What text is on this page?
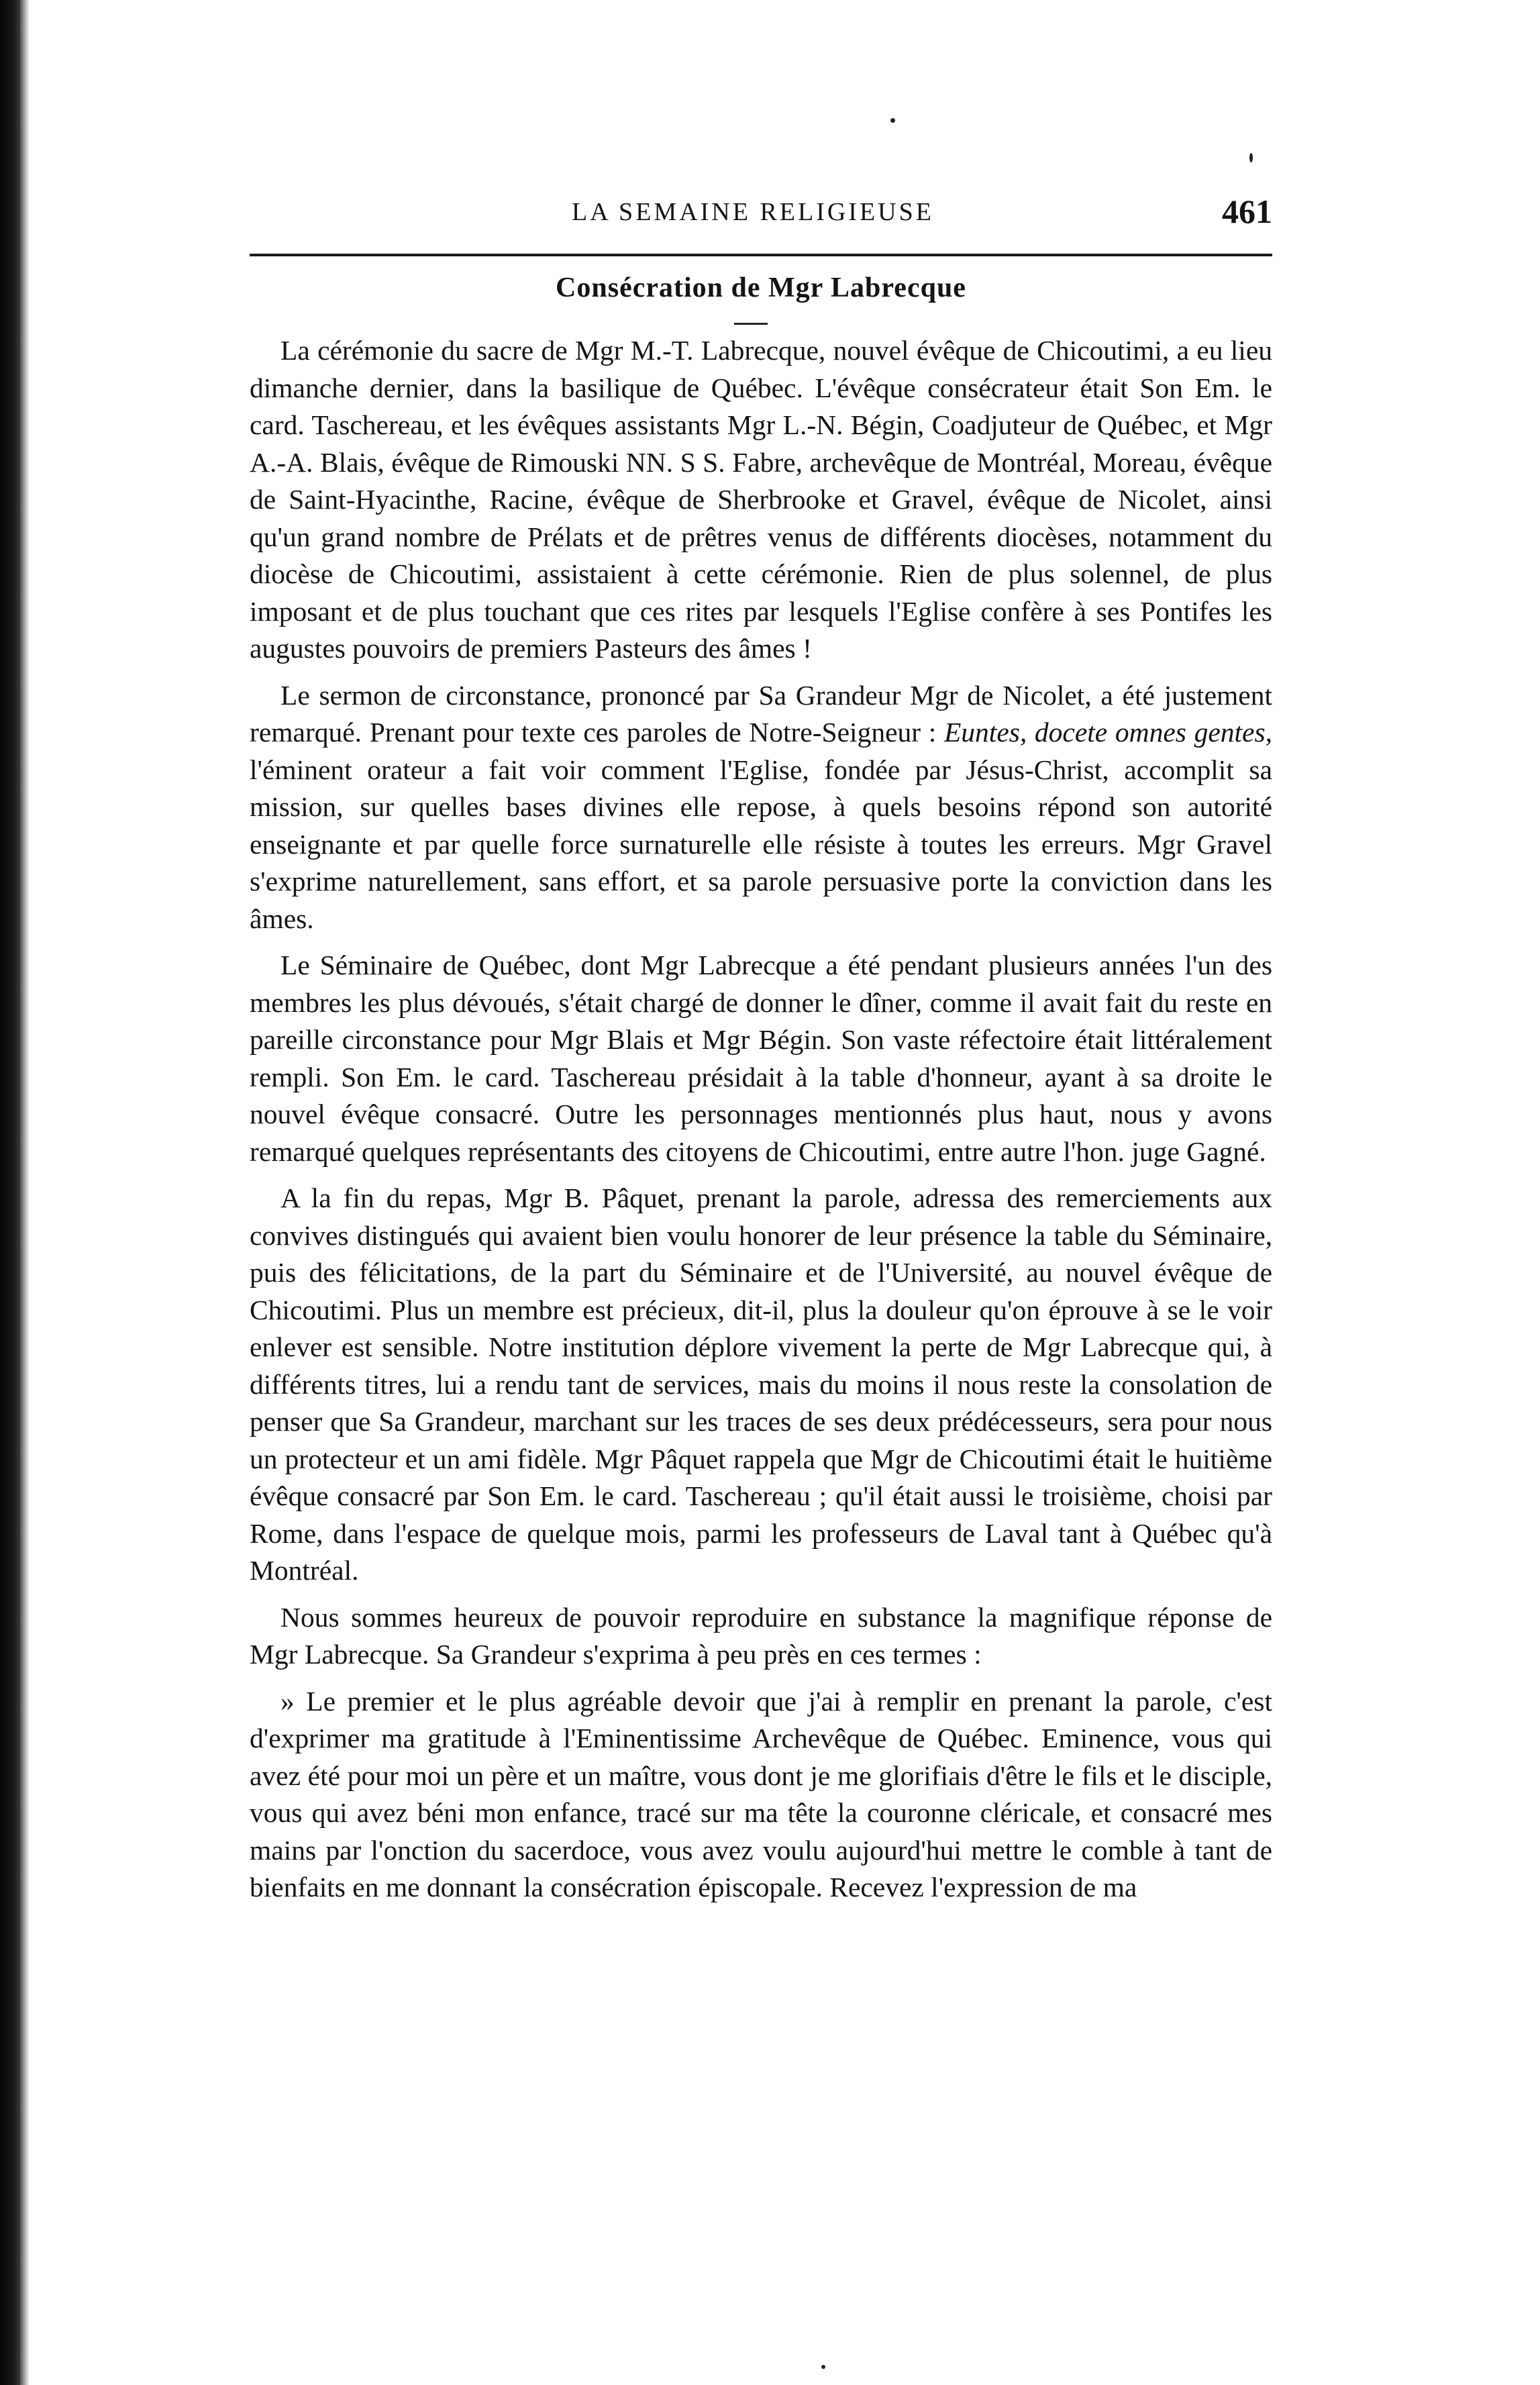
LA SEMAINE RELIGIEUSE	461
Consécration de Mgr Labrecque

La cérémonie du sacre de Mgr M.-T. Labrecque, nouvel évêque de Chicoutimi, a eu lieu dimanche dernier, dans la basilique de Québec. L'évêque consécrateur était Son Em. le card. Taschereau, et les évêques assistants Mgr L.-N. Bégin, Coadjuteur de Québec, et Mgr A.-A. Blais, évêque de Rimouski NN. S S. Fabre, archevêque de Montréal, Moreau, évêque de Saint-Hyacinthe, Racine, évêque de Sherbrooke et Gravel, évêque de Nicolet, ainsi qu'un grand nombre de Prélats et de prêtres venus de différents diocèses, notamment du diocèse de Chicoutimi, assistaient à cette cérémonie. Rien de plus solennel, de plus imposant et de plus touchant que ces rites par lesquels l'Eglise confère à ses Pontifes les augustes pouvoirs de premiers Pasteurs des âmes !

Le sermon de circonstance, prononcé par Sa Grandeur Mgr de Nicolet, a été justement remarqué. Prenant pour texte ces paroles de Notre-Seigneur : Euntes, docete omnes gentes, l'éminent orateur a fait voir comment l'Eglise, fondée par Jésus-Christ, accomplit sa mission, sur quelles bases divines elle repose, à quels besoins répond son autorité enseignante et par quelle force surnaturelle elle résiste à toutes les erreurs. Mgr Gravel s'exprime naturellement, sans effort, et sa parole persuasive porte la conviction dans les âmes.

Le Séminaire de Québec, dont Mgr Labrecque a été pendant plusieurs années l'un des membres les plus dévoués, s'était chargé de donner le dîner, comme il avait fait du reste en pareille circonstance pour Mgr Blais et Mgr Bégin. Son vaste réfectoire était littéralement rempli. Son Em. le card. Taschereau présidait à la table d'honneur, ayant à sa droite le nouvel évêque consacré. Outre les personnages mentionnés plus haut, nous y avons remarqué quelques représentants des citoyens de Chicoutimi, entre autre l'hon. juge Gagné.

A la fin du repas, Mgr B. Pâquet, prenant la parole, adressa des remerciements aux convives distingués qui avaient bien voulu honorer de leur présence la table du Séminaire, puis des félicitations, de la part du Séminaire et de l'Université, au nouvel évêque de Chicoutimi. Plus un membre est précieux, dit-il, plus la douleur qu'on éprouve à se le voir enlever est sensible. Notre institution déplore vivement la perte de Mgr Labrecque qui, à différents titres, lui a rendu tant de services, mais du moins il nous reste la consolation de penser que Sa Grandeur, marchant sur les traces de ses deux prédécesseurs, sera pour nous un protecteur et un ami fidèle. Mgr Pâquet rappela que Mgr de Chicoutimi était le huitième évêque consacré par Son Em. le card. Taschereau ; qu'il était aussi le troisième, choisi par Rome, dans l'espace de quelque mois, parmi les professeurs de Laval tant à Québec qu'à Montréal.

Nous sommes heureux de pouvoir reproduire en substance la magnifique réponse de Mgr Labrecque. Sa Grandeur s'exprima à peu près en ces termes :

» Le premier et le plus agréable devoir que j'ai à remplir en prenant la parole, c'est d'exprimer ma gratitude à l'Eminentissime Archevêque de Québec. Eminence, vous qui avez été pour moi un père et un maître, vous dont je me glorifiais d'être le fils et le disciple, vous qui avez béni mon enfance, tracé sur ma tête la couronne cléricale, et consacré mes mains par l'onction du sacerdoce, vous avez voulu aujourd'hui mettre le comble à tant de bienfaits en me donnant la consécration épiscopale. Recevez l'expression de ma
